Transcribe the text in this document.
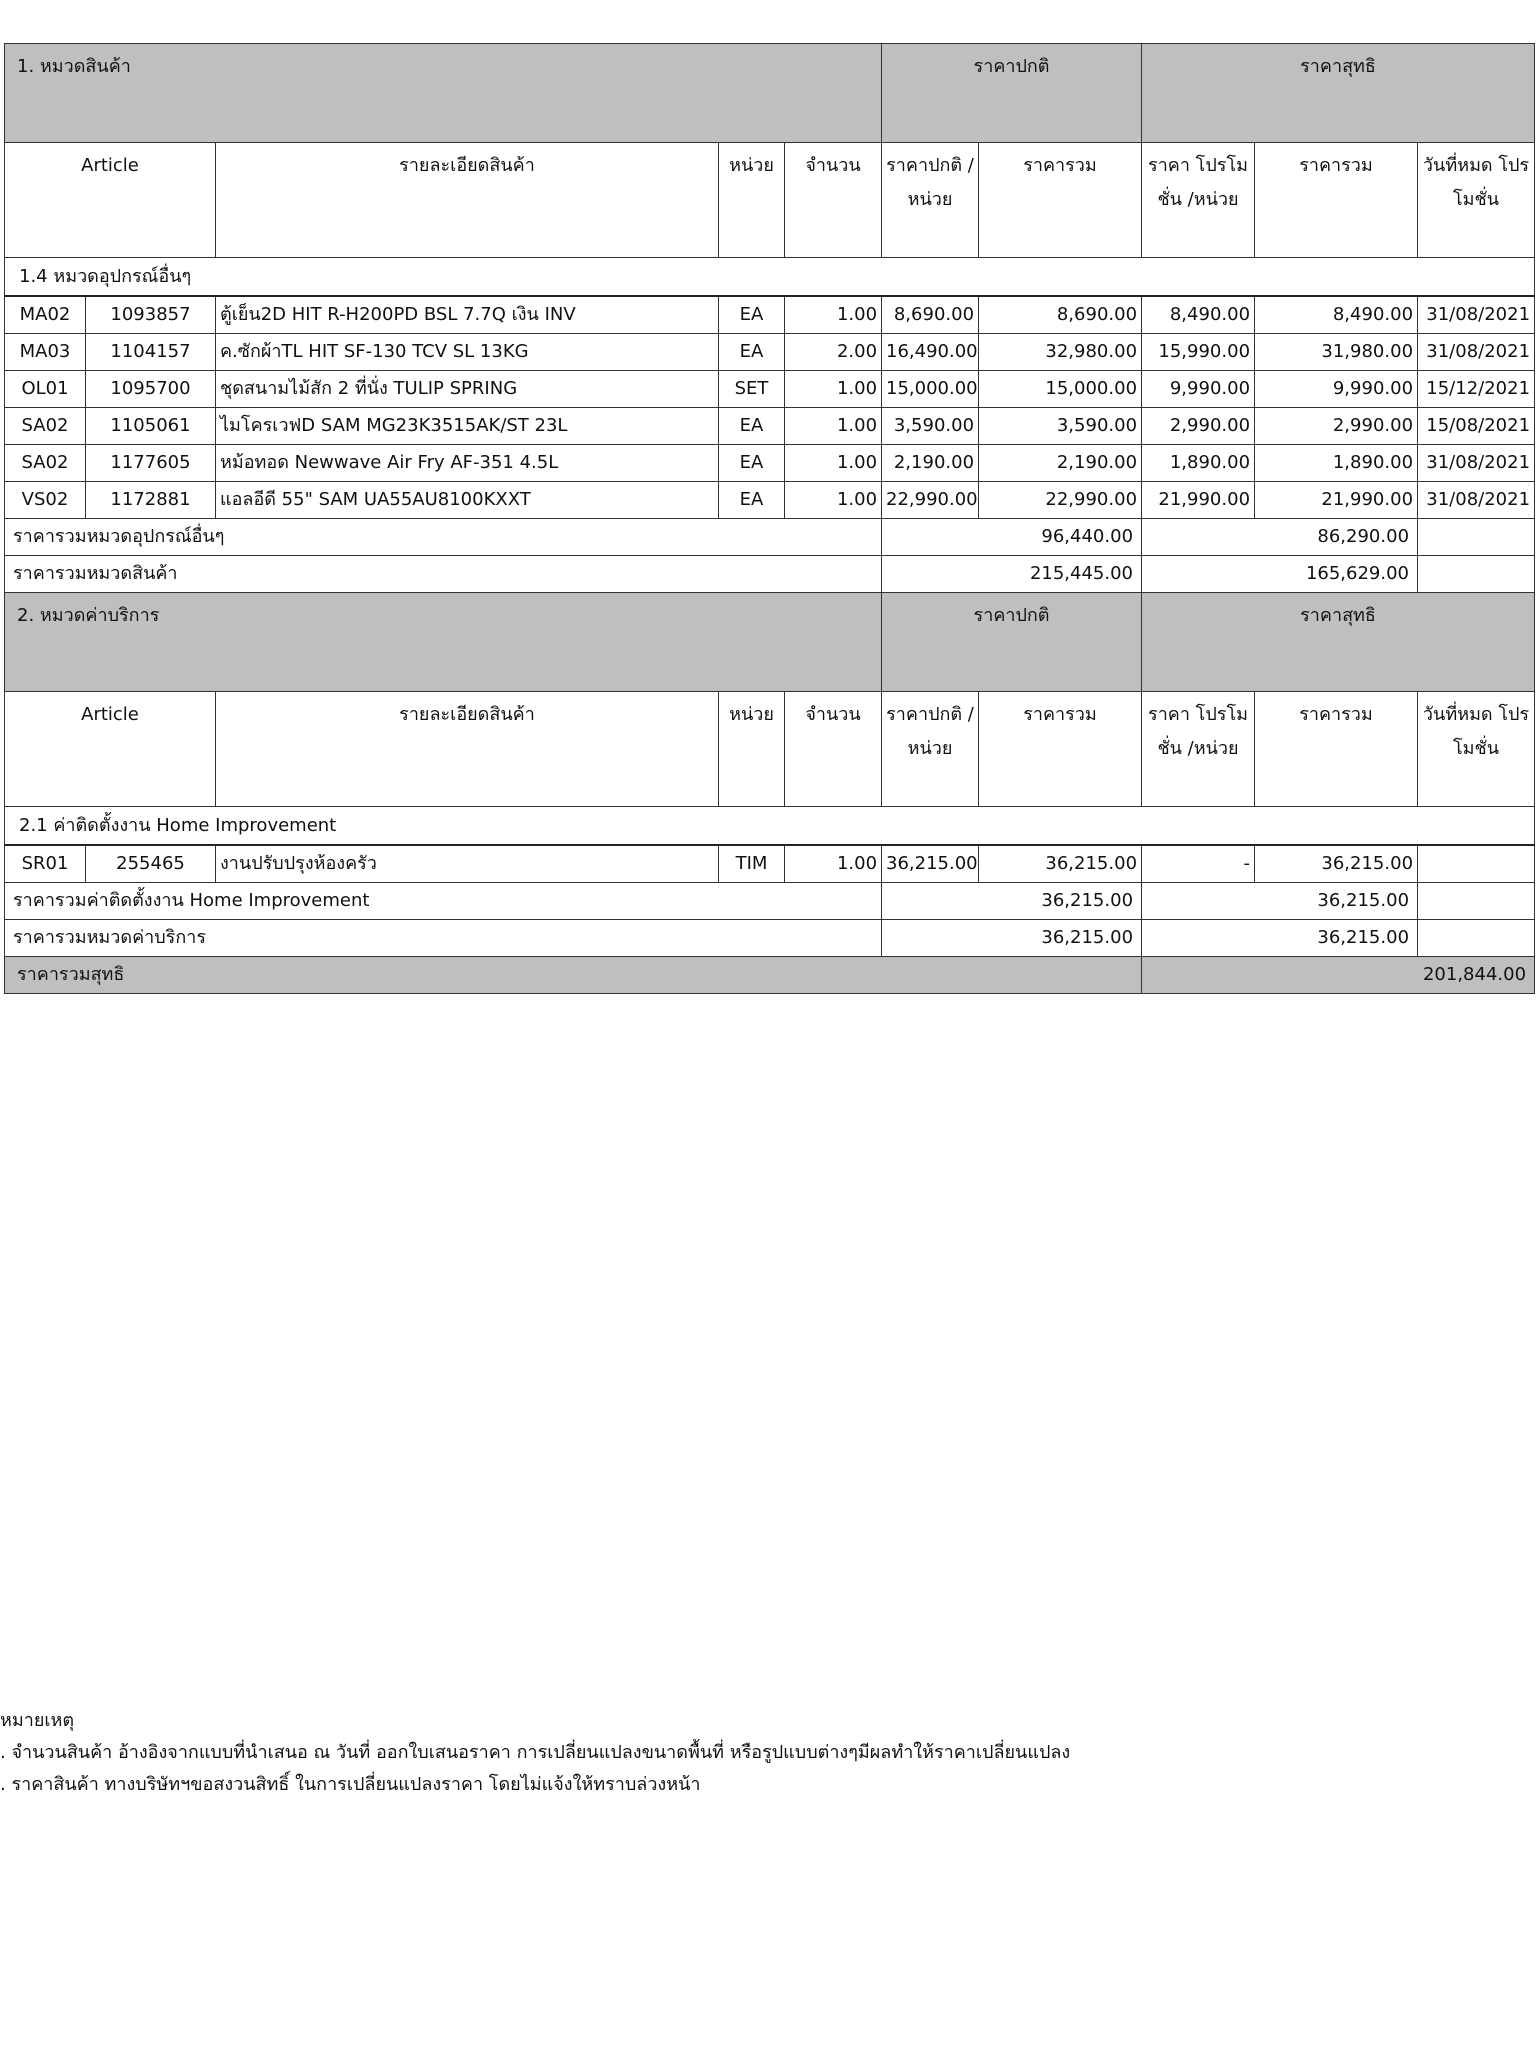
1. หมวดสินค้า					ราคาปกติ		ราคาสุทธิ		
Article		รายละเอียดสินค้า	หน่วย	จำนวน	ราคาปกติ /หน่วย	ราคารวม	ราคา โปรโมชั่น /หน่วย	ราคารวม	วันที่หมด โปรโมชั่น
1.4 หมวดอุปกรณ์อื่นๆ									
MA02	1093857	ตู้เย็น2D HIT R-H200PD BSL 7.7Q เงิน INV	EA	1.00	8,690.00	8,690.00	8,490.00	8,490.00	31/08/2021
MA03	1104157	ค.ซักผ้าTL HIT SF-130 TCV SL 13KG	EA	2.00	16,490.00	32,980.00	15,990.00	31,980.00	31/08/2021
OL01	1095700	ชุดสนามไม้สัก 2 ที่นั่ง TULIP SPRING	SET	1.00	15,000.00	15,000.00	9,990.00	9,990.00	15/12/2021
SA02	1105061	ไมโครเวฟD SAM MG23K3515AK/ST 23L	EA	1.00	3,590.00	3,590.00	2,990.00	2,990.00	15/08/2021
SA02	1177605	หม้อทอด Newwave Air Fry AF-351 4.5L	EA	1.00	2,190.00	2,190.00	1,890.00	1,890.00	31/08/2021
VS02	1172881	แอลอีดี 55" SAM UA55AU8100KXXT	EA	1.00	22,990.00	22,990.00	21,990.00	21,990.00	31/08/2021
ราคารวมหมวดอุปกรณ์อื่นๆ					96,440.00		86,290.00		
ราคารวมหมวดสินค้า					215,445.00		165,629.00		
2. หมวดค่าบริการ					ราคาปกติ		ราคาสุทธิ		
Article		รายละเอียดสินค้า	หน่วย	จำนวน	ราคาปกติ /หน่วย	ราคารวม	ราคา โปรโมชั่น /หน่วย	ราคารวม	วันที่หมด โปรโมชั่น
2.1 ค่าติดตั้งงาน Home Improvement									
SR01	255465	งานปรับปรุงห้องครัว	TIM	1.00	36,215.00	36,215.00	-	36,215.00	
ราคารวมค่าติดตั้งงาน Home Improvement					36,215.00		36,215.00		
ราคารวมหมวดค่าบริการ					36,215.00		36,215.00		
ราคารวมสุทธิ							201,844.00		
หมายเหตุ
. จำนวนสินค้า อ้างอิงจากแบบที่นำเสนอ ณ วันที่ ออกใบเสนอราคา การเปลี่ยนแปลงขนาดพื้นที่ หรือรูปแบบต่างๆมีผลทำให้ราคาเปลี่ยนแปลง
. ราคาสินค้า ทางบริษัทฯขอสงวนสิทธิ์ ในการเปลี่ยนแปลงราคา โดยไม่แจ้งให้ทราบล่วงหน้า
